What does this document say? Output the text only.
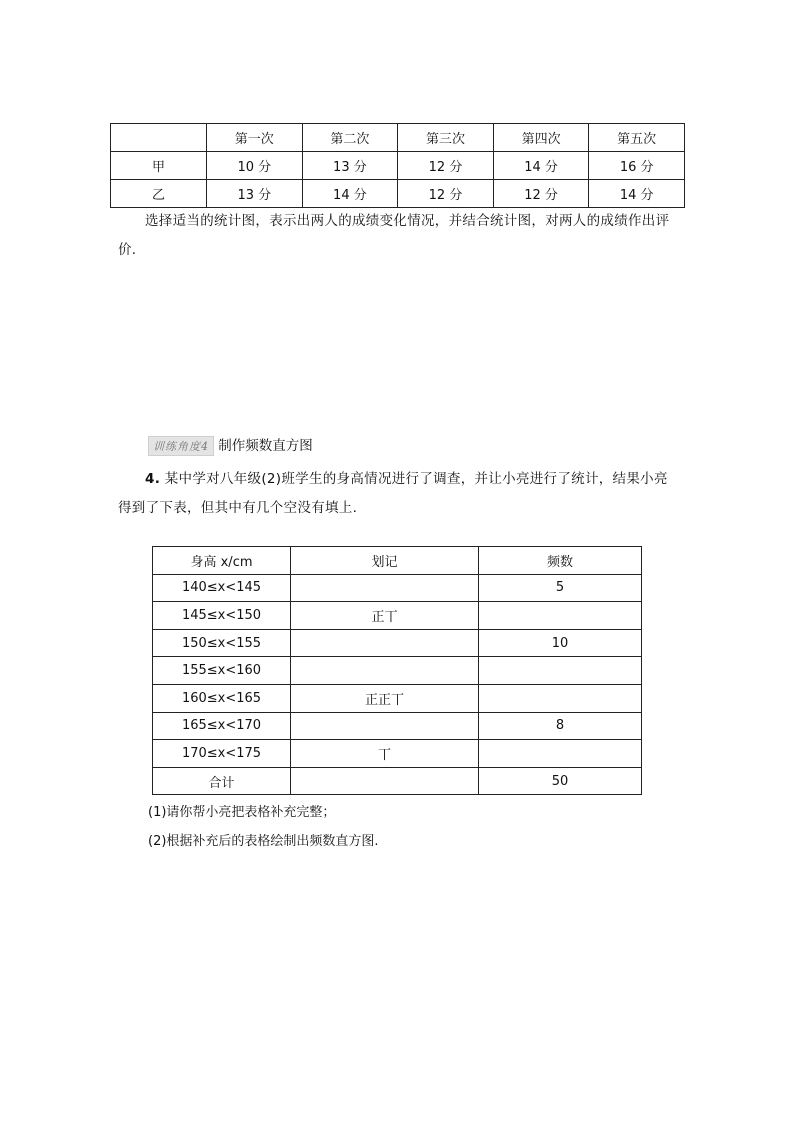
	第一次	第二次	第三次	第四次	第五次
甲	10 分	13 分	12 分	14 分	16 分
乙	13 分	14 分	12 分	12 分	14 分
选择适当的统计图，表示出两人的成绩变化情况，并结合统计图，对两人的成绩作出评
价.
训练角度4 制作频数直方图
4. 某中学对八年级(2)班学生的身高情况进行了调查，并让小亮进行了统计，结果小亮
得到了下表，但其中有几个空没有填上.
身高 x/cm	划记	频数
140≤x<145		5
145≤x<150	正丅	
150≤x<155		10
155≤x<160		
160≤x<165	正正丅	
165≤x<170		8
170≤x<175	丅	
合计		50
(1)请你帮小亮把表格补充完整；
(2)根据补充后的表格绘制出频数直方图.
